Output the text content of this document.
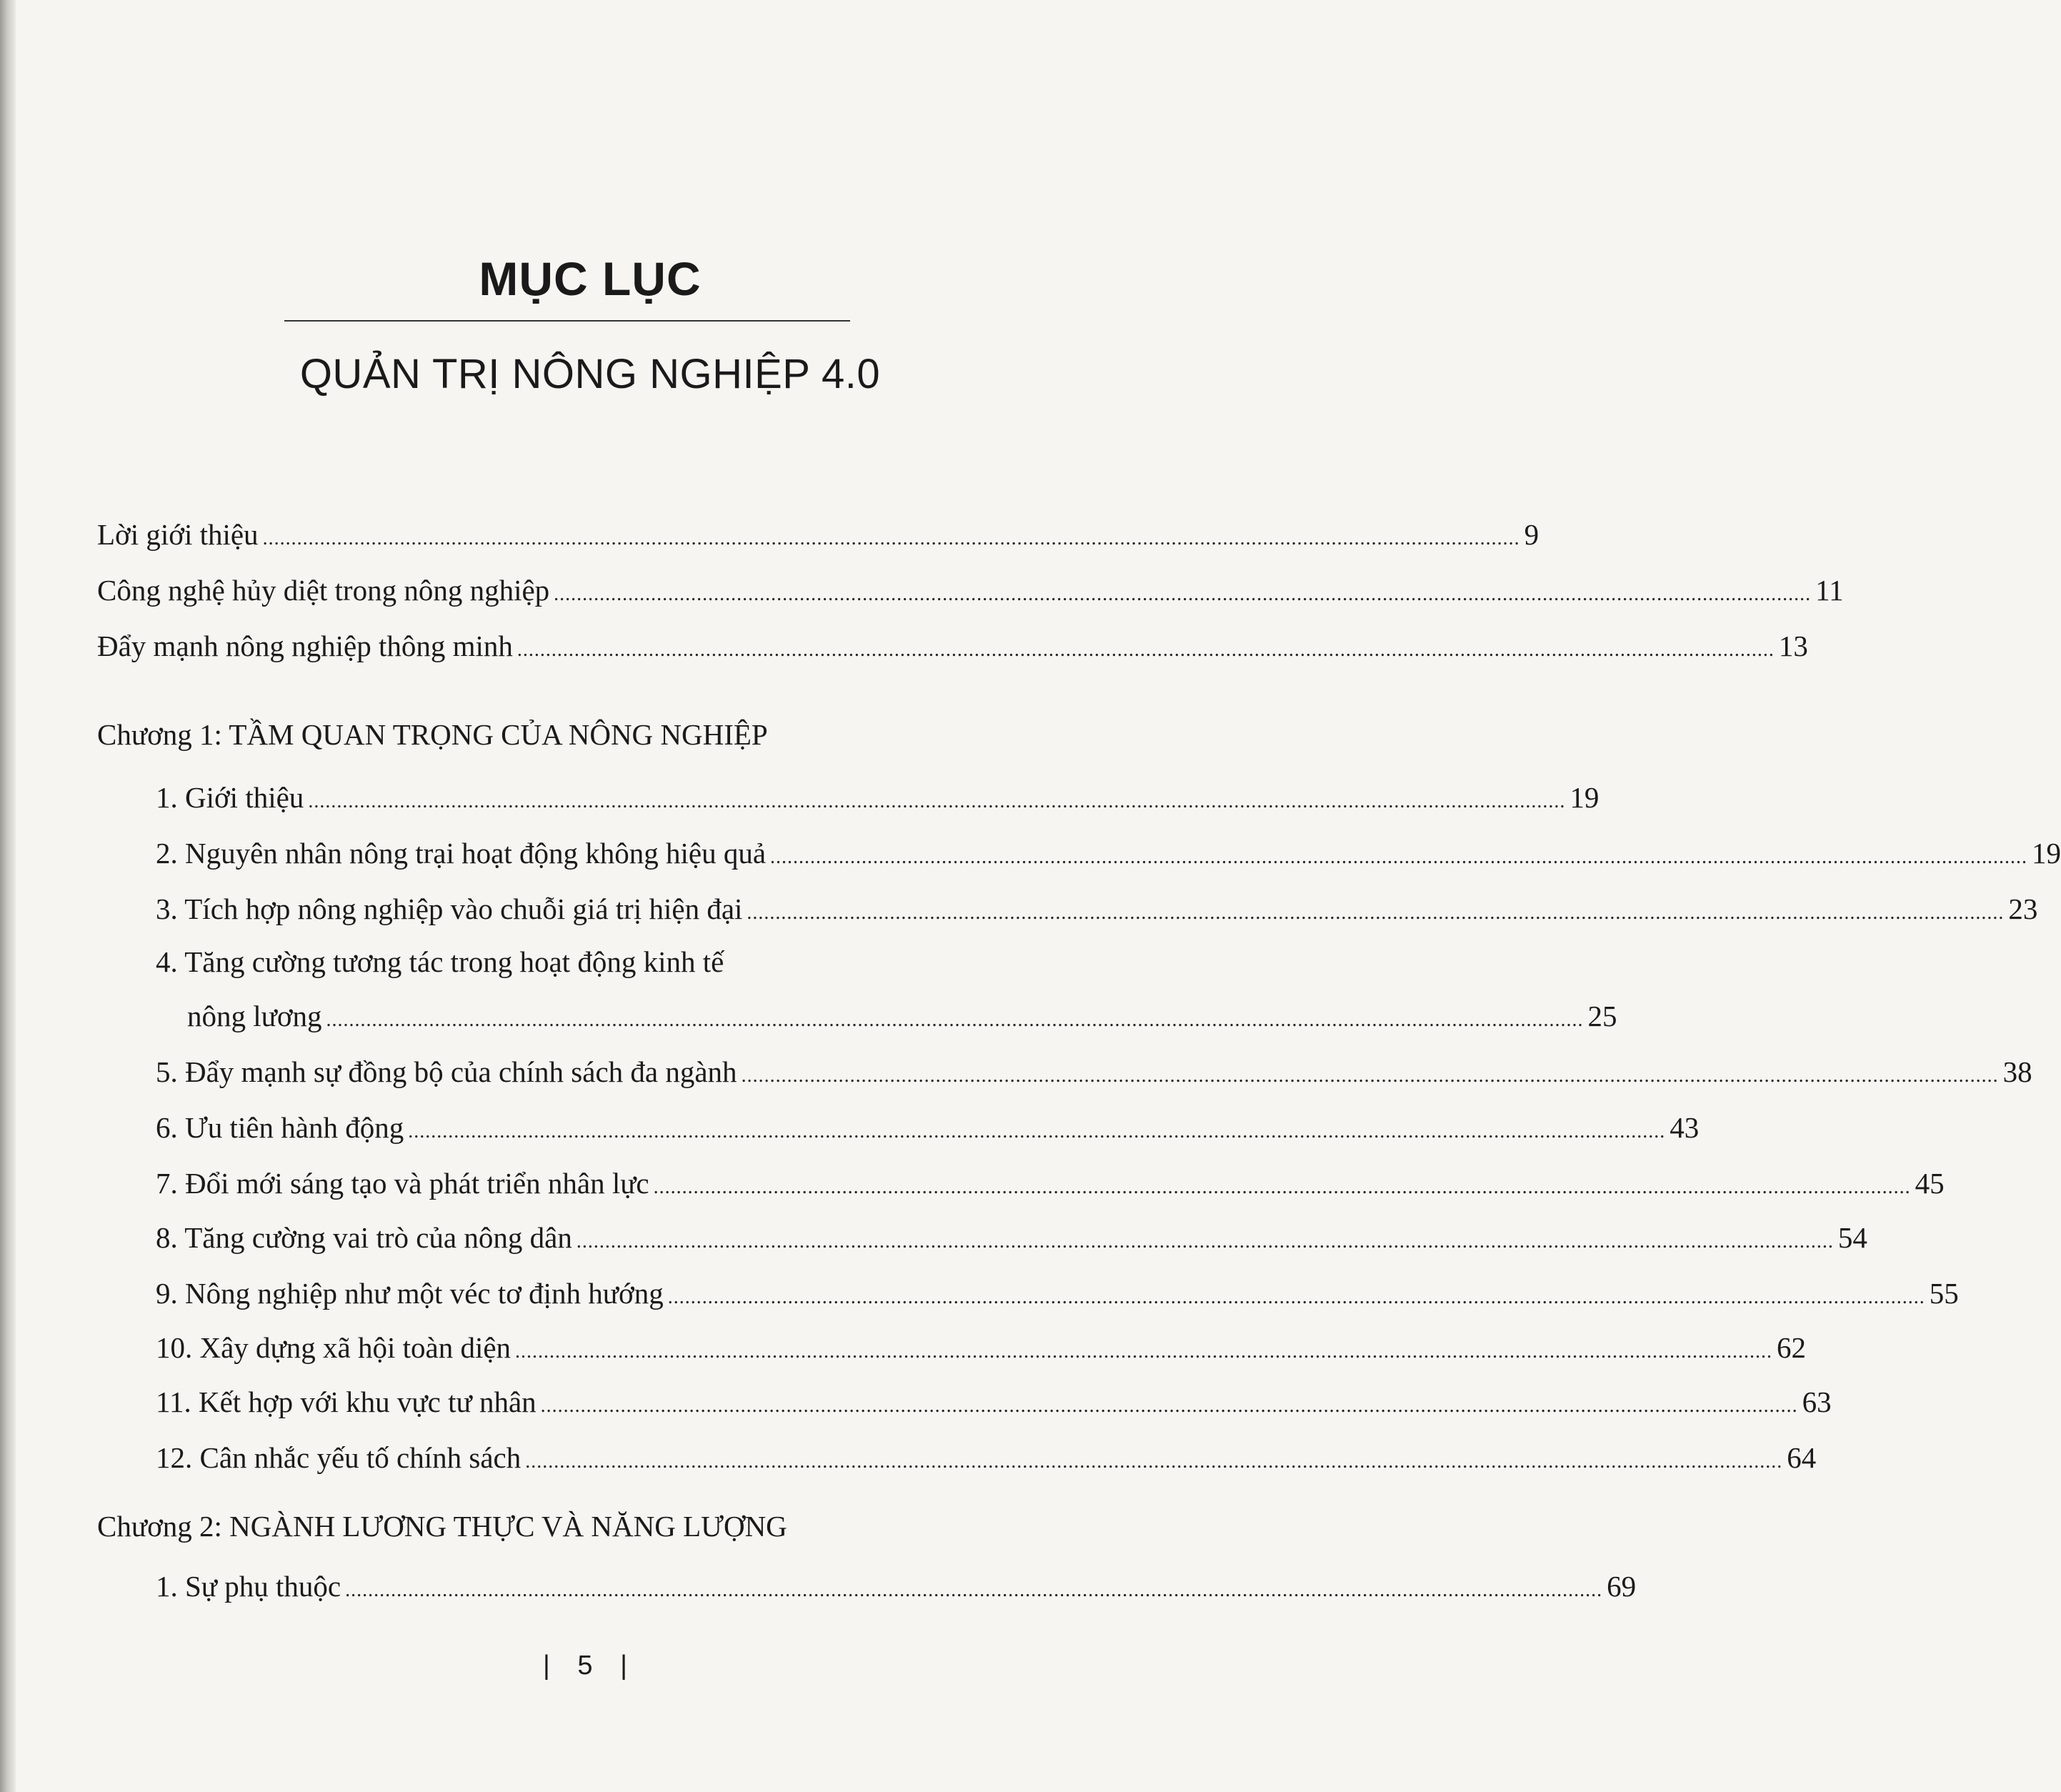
MỤC LỤC
QUẢN TRỊ NÔNG NGHIỆP 4.0
Lời giới thiệu ............................................................................................................................................................................................................................ 9
Công nghệ hủy diệt trong nông nghiệp ............................................................................................................................................................................................................................ 11
Đẩy mạnh nông nghiệp thông minh ............................................................................................................................................................................................................................ 13
Chương 1: TẦM QUAN TRỌNG CỦA NÔNG NGHIỆP
1. Giới thiệu ............................................................................................................................................................................................................................ 19
2. Nguyên nhân nông trại hoạt động không hiệu quả ............................................................................................................................................................................................................................ 19
3. Tích hợp nông nghiệp vào chuỗi giá trị hiện đại ............................................................................................................................................................................................................................ 23
4. Tăng cường tương tác trong hoạt động kinh tế
nông lương ............................................................................................................................................................................................................................ 25
5. Đẩy mạnh sự đồng bộ của chính sách đa ngành ............................................................................................................................................................................................................................ 38
6. Ưu tiên hành động ............................................................................................................................................................................................................................ 43
7. Đổi mới sáng tạo và phát triển nhân lực ............................................................................................................................................................................................................................ 45
8. Tăng cường vai trò của nông dân ............................................................................................................................................................................................................................ 54
9. Nông nghiệp như một véc tơ định hướng ............................................................................................................................................................................................................................ 55
10. Xây dựng xã hội toàn diện ............................................................................................................................................................................................................................ 62
11. Kết hợp với khu vực tư nhân ............................................................................................................................................................................................................................ 63
12. Cân nhắc yếu tố chính sách ............................................................................................................................................................................................................................ 64
Chương 2: NGÀNH LƯƠNG THỰC VÀ NĂNG LƯỢNG
1. Sự phụ thuộc ............................................................................................................................................................................................................................ 69
| 5 |
